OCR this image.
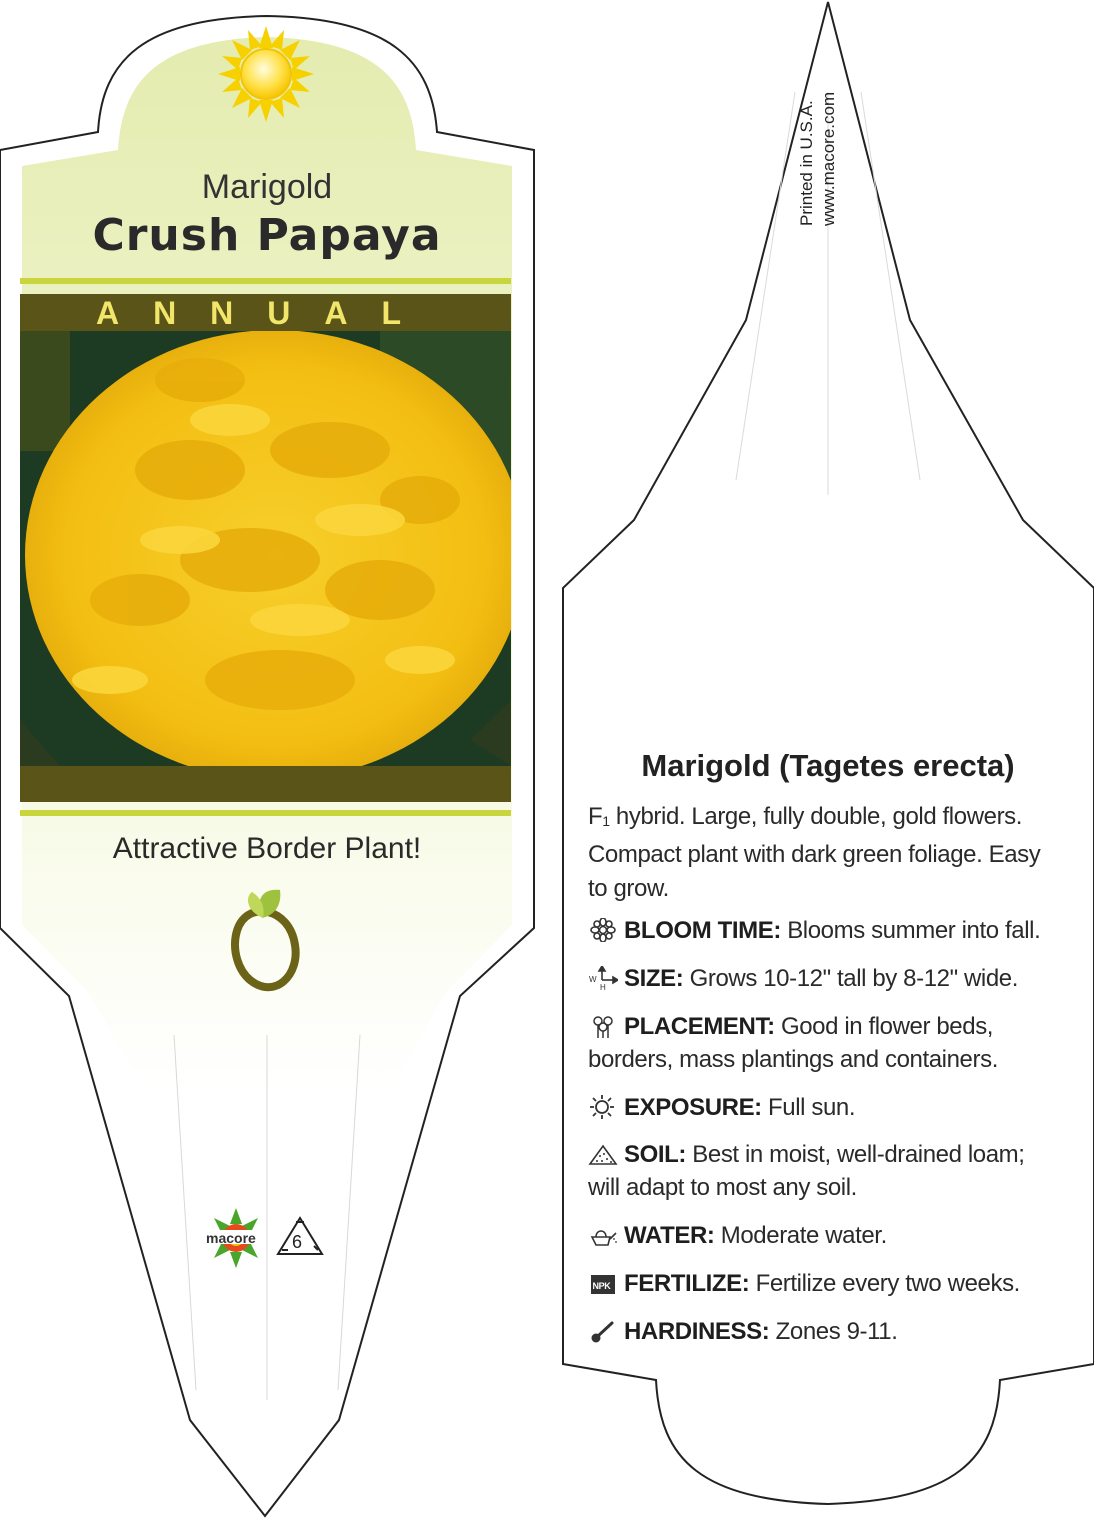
Marigold
Crush Papaya
ANNUAL
Attractive Border Plant!
macore 6
Printed in U.S.A. www.macore.com
Marigold (Tagetes erecta)
F1 hybrid. Large, fully double, gold flowers. Compact plant with dark green foliage. Easy to grow.
BLOOM TIME: Blooms summer into fall.
W
H SIZE: Grows 10-12" tall by 8-12" wide.
PLACEMENT: Good in flower beds, borders, mass plantings and containers.
EXPOSURE: Full sun.
SOIL: Best in moist, well-drained loam; will adapt to most any soil.
WATER: Moderate water.
NPK FERTILIZE: Fertilize every two weeks.
HARDINESS: Zones 9-11.
